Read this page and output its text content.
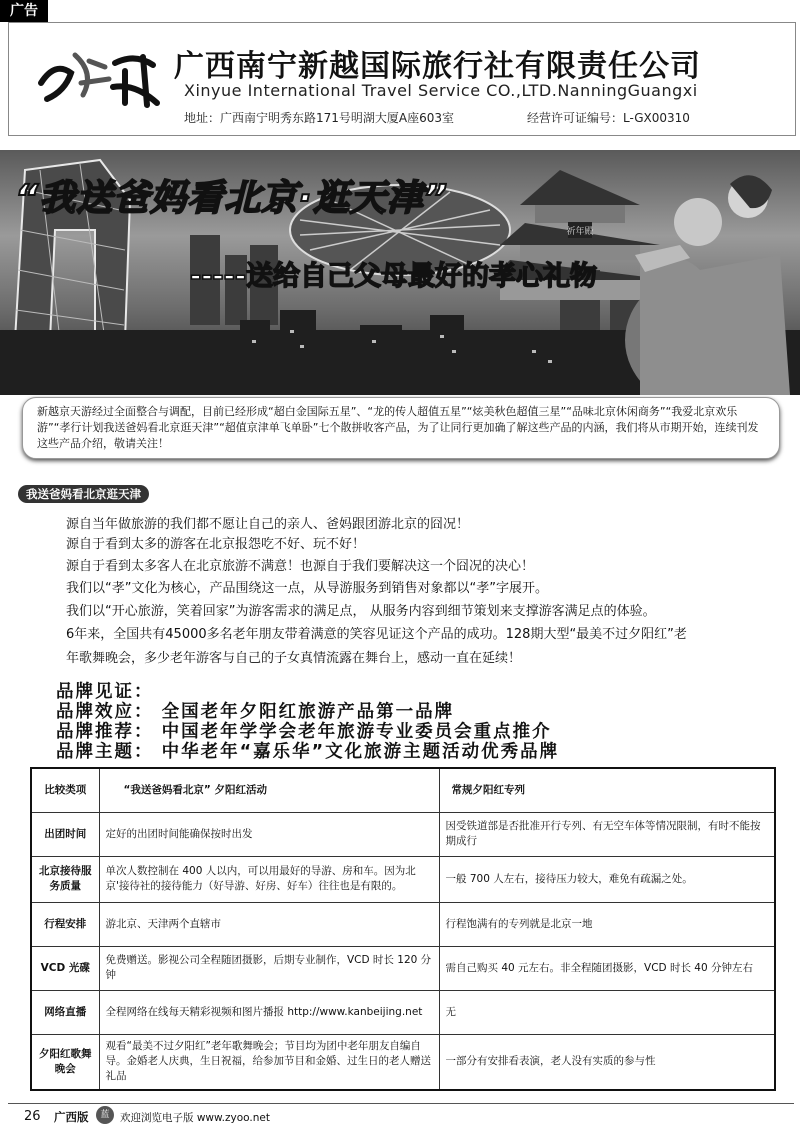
广告
广西南宁新越国际旅行社有限责任公司
Xinyue International Travel Service CO.,LTD.NanningGuangxi
地址：广西南宁明秀东路171号明湖大厦A座603室	经营许可证编号：L-GX00310
祈年殿
“我送爸妈看北京·逛天津”
-----送给自己父母最好的孝心礼物

新越京天游经过全面整合与调配，目前已经形成“超白金国际五星”、“龙的传人超值五星”“炫美秋色超值三星”“品味北京休闲商务”“我爱北京欢乐游”“孝行计划我送爸妈看北京逛天津”“超值京津单飞单卧”七个散拼收客产品，为了让同行更加确了解这些产品的内涵，我们将从市期开始，连续刊发这些产品介绍，敬请关注！

我送爸妈看北京逛天津
源自当年做旅游的我们都不愿让自己的亲人、爸妈跟团游北京的囧况！
源自于看到太多的游客在北京报怨吃不好、玩不好！
源自于看到太多客人在北京旅游不满意！也源自于我们要解决这一个囧况的决心！
我们以“孝”文化为核心，产品围绕这一点，从导游服务到销售对象都以“孝”字展开。
我们以“开心旅游，笑着回家”为游客需求的满足点， 从服务内容到细节策划来支撑游客满足点的体验。
6年来，全国共有45000多名老年朋友带着满意的笑容见证这个产品的成功。128期大型“最美不过夕阳红”老
年歌舞晚会，多少老年游客与自己的子女真情流露在舞台上，感动一直在延续！
品牌见证：
品牌效应： 全国老年夕阳红旅游产品第一品牌
品牌推荐： 中国老年学学会老年旅游专业委员会重点推介
品牌主题： 中华老年“嘉乐华”文化旅游主题活动优秀品牌
比较类项	“我送爸妈看北京” 夕阳红活动	常规夕阳红专列
出团时间	定好的出团时间能确保按时出发	因受铁道部是否批准开行专列、有无空车体等情况限制，有时不能按期成行
北京接待服务质量	单次人数控制在 400 人以内，可以用最好的导游、房和车。因为北京'接待社的接待能力（好导游、好房、好车）往往也是有限的。	一般 700 人左右，接待压力较大，难免有疏漏之处。
行程安排	游北京、天津两个直辖市	行程饱满有的专列就是北京一地
VCD 光碟	免费赠送。影视公司全程随团摄影，后期专业制作，VCD 时长 120 分钟	需自己购买 40 元左右。非全程随团摄影，VCD 时长 40 分钟左右
网络直播	全程网络在线每天精彩视频和图片播报 http://www.kanbeijing.net	无
夕阳红歌舞晚会	观看“最美不过夕阳红”老年歌舞晚会；节目均为团中老年朋友自编自导。金婚老人庆典，生日祝福，给参加节目和金婚、过生日的老人赠送礼品	一部分有安排看表演，老人没有实质的参与性
26 广西版	蓝	欢迎浏览电子版 www.zyoo.net
